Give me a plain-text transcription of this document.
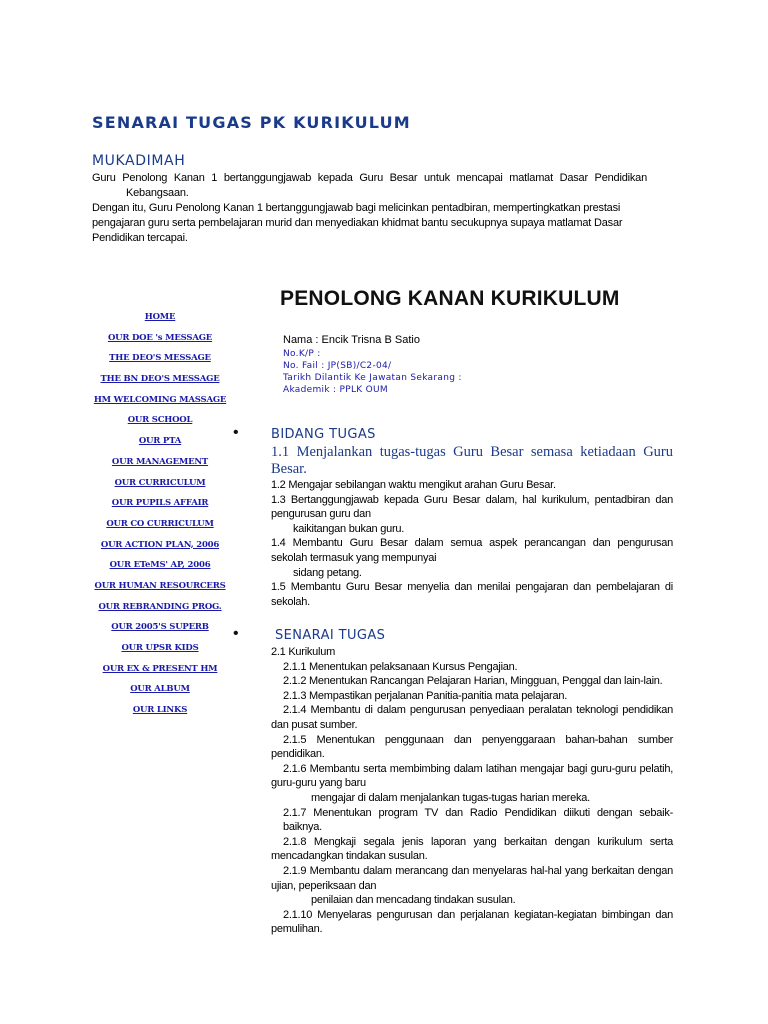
SENARAI TUGAS PK KURIKULUM
MUKADIMAH

Guru Penolong Kanan 1 bertanggungjawab kepada Guru Besar untuk mencapai matlamat Dasar Pendidikan

Kebangsaan.

Dengan itu, Guru Penolong Kanan 1 bertanggungjawab bagi melicinkan pentadbiran, mempertingkatkan prestasi pengajaran guru serta pembelajaran murid dan menyediakan khidmat bantu secukupnya supaya matlamat Dasar Pendidikan tercapai.

HOME
OUR DOE 's MESSAGE
THE DEO'S MESSAGE
THE BN DEO'S MESSAGE
HM WELCOMING MASSAGE
OUR SCHOOL
OUR PTA
OUR MANAGEMENT
OUR CURRICULUM
OUR PUPILS AFFAIR
OUR CO CURRICULUM
OUR ACTION PLAN, 2006
OUR ETeMS' AP, 2006
OUR HUMAN RESOURCERS
OUR REBRANDING PROG.
OUR 2005'S SUPERB
OUR UPSR KIDS
OUR EX & PRESENT HM
OUR ALBUM
OUR LINKS
PENOLONG KANAN KURIKULUM
Nama : Encik Trisna B Satio
No.K/P :
No. Fail : JP(SB)/C2-04/
Tarikh Dilantik Ke Jawatan Sekarang :
Akademik : PPLK OUM
• BIDANG TUGAS

1.1 Menjalankan tugas-tugas Guru Besar semasa ketiadaan Guru Besar.

1.2 Mengajar sebilangan waktu mengikut arahan Guru Besar.

1.3 Bertanggungjawab kepada Guru Besar dalam, hal kurikulum, pentadbiran dan pengurusan guru dan

kaikitangan bukan guru.

1.4 Membantu Guru Besar dalam semua aspek perancangan dan pengurusan sekolah termasuk yang mempunyai

sidang petang.

1.5 Membantu Guru Besar menyelia dan menilai pengajaran dan pembelajaran di sekolah.

•	SENARAI TUGAS

2.1 Kurikulum

2.1.1 Menentukan pelaksanaan Kursus Pengajian.

2.1.2 Menentukan Rancangan Pelajaran Harian, Mingguan, Penggal dan lain-lain.

2.1.3 Mempastikan perjalanan Panitia-panitia mata pelajaran.

2.1.4 Membantu di dalam pengurusan penyediaan peralatan teknologi pendidikan dan pusat sumber.

2.1.5 Menentukan penggunaan dan penyenggaraan bahan-bahan sumber pendidikan.

2.1.6 Membantu serta membimbing dalam latihan mengajar bagi guru-guru pelatih, guru-guru yang baru

mengajar di dalam menjalankan tugas-tugas harian mereka.

2.1.7 Menentukan program TV dan Radio Pendidikan diikuti dengan sebaik-baiknya.

2.1.8 Mengkaji segala jenis laporan yang berkaitan dengan kurikulum serta mencadangkan tindakan susulan.

2.1.9 Membantu dalam merancang dan menyelaras hal-hal yang berkaitan dengan ujian, peperiksaan dan

penilaian dan mencadang tindakan susulan.

2.1.10 Menyelaras pengurusan dan perjalanan kegiatan-kegiatan bimbingan dan pemulihan.
